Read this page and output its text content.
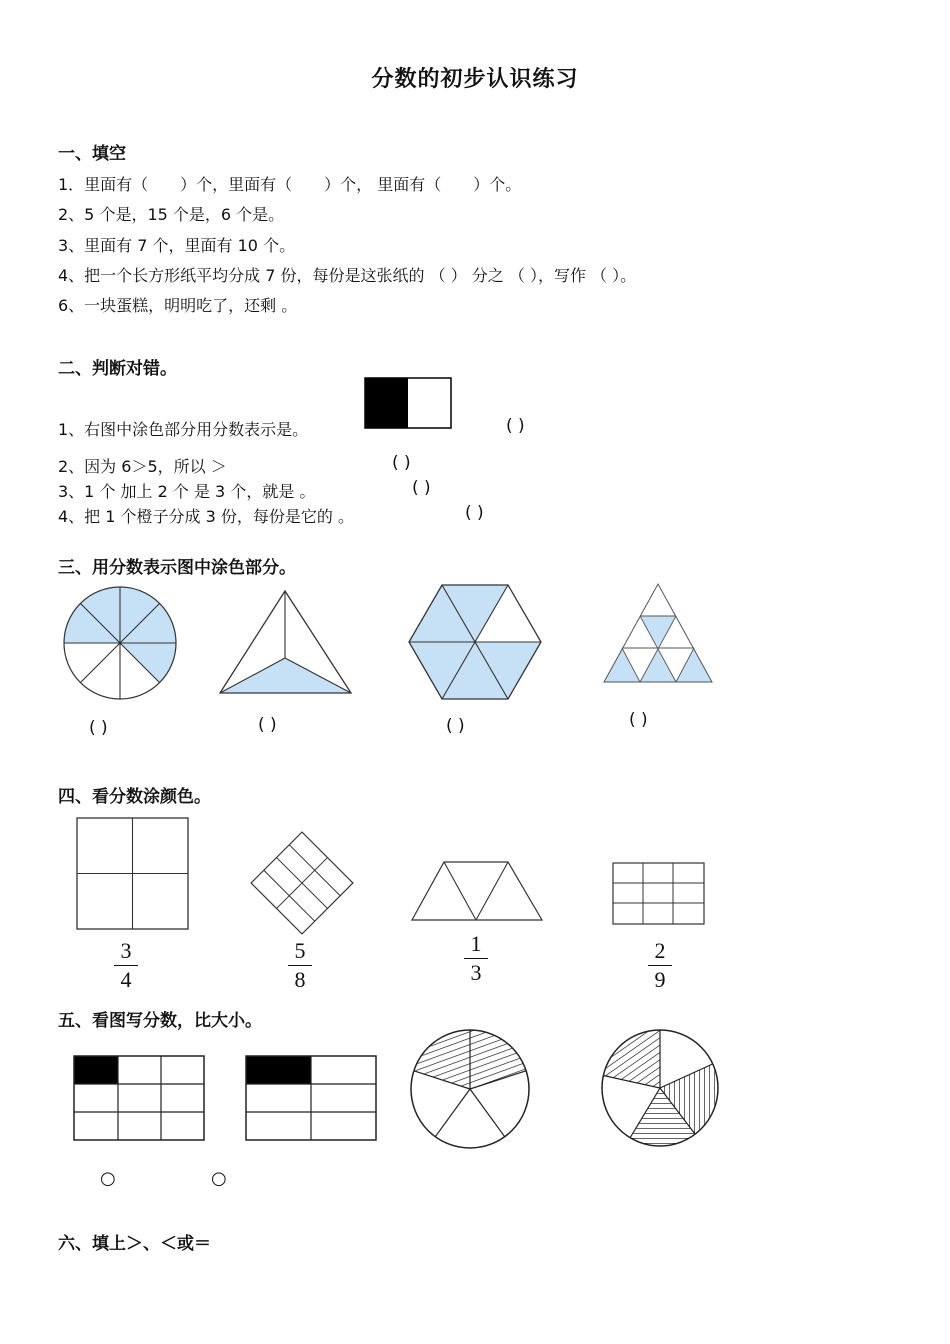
分数的初步认识练习
一、填空
1．里面有（　　）个，里面有（　　）个， 里面有（　　）个。
2、5 个是，15 个是，6 个是。
3、里面有 7 个，里面有 10 个。
4、把一个长方形纸平均分成 7 份，每份是这张纸的 （ ） 分之 （ ），写作 （ ）。
6、一块蛋糕，明明吃了，还剩 。
二、判断对错。
1、右图中涂色部分用分数表示是。	( )
2、因为 6＞5，所以 ＞	( )
3、1 个 加上 2 个 是 3 个，就是 。	( )
4、把 1 个橙子分成 3 份，每份是它的 。	( )
三、用分数表示图中涂色部分。
( )	( )	( )	( )
四、看分数涂颜色。
3
4
5
8
1
3
2
9
五、看图写分数，比大小。
○	○
六、填上＞、＜或＝
